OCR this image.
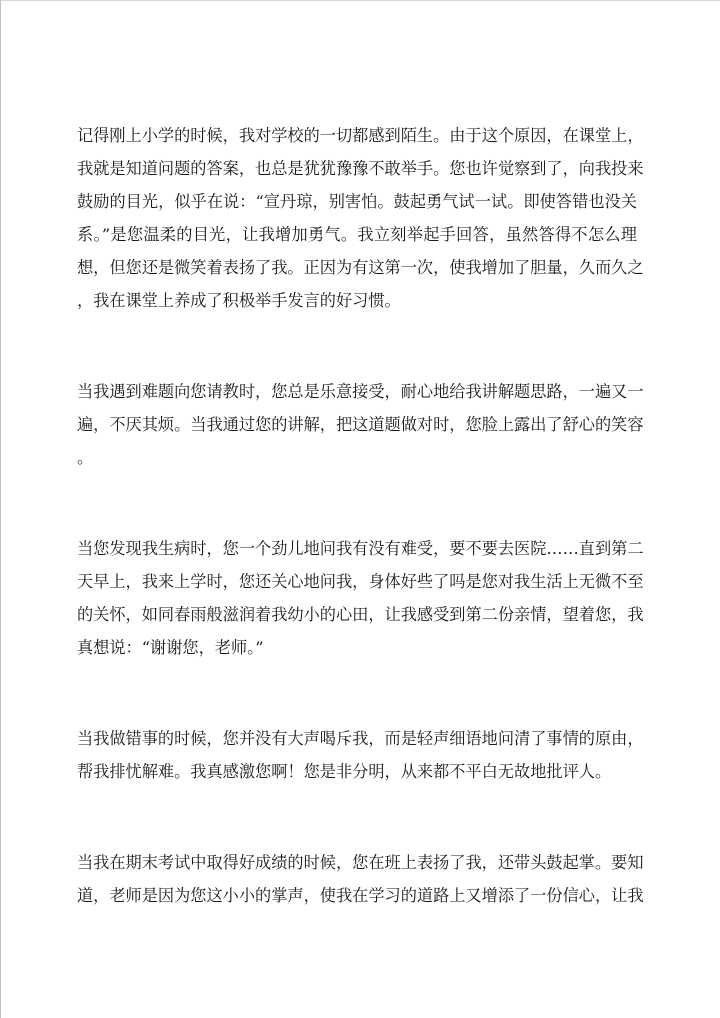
记得刚上小学的时候，我对学校的一切都感到陌生。由于这个原因，在课堂上，
我就是知道问题的答案，也总是犹犹豫豫不敢举手。您也许觉察到了，向我投来
鼓励的目光，似乎在说：“宣丹琼，别害怕。鼓起勇气试一试。即使答错也没关
系。”是您温柔的目光，让我增加勇气。我立刻举起手回答，虽然答得不怎么理
想，但您还是微笑着表扬了我。正因为有这第一次，使我增加了胆量，久而久之
，我在课堂上养成了积极举手发言的好习惯。
当我遇到难题向您请教时，您总是乐意接受，耐心地给我讲解题思路，一遍又一
遍，不厌其烦。当我通过您的讲解，把这道题做对时，您脸上露出了舒心的笑容
。
当您发现我生病时，您一个劲儿地问我有没有难受，要不要去医院……直到第二
天早上，我来上学时，您还关心地问我，身体好些了吗是您对我生活上无微不至
的关怀，如同春雨般滋润着我幼小的心田，让我感受到第二份亲情，望着您，我
真想说：“谢谢您，老师。”
当我做错事的时候，您并没有大声喝斥我，而是轻声细语地问清了事情的原由，
帮我排忧解难。我真感激您啊！您是非分明，从来都不平白无故地批评人。
当我在期末考试中取得好成绩的时候，您在班上表扬了我，还带头鼓起掌。要知
道，老师是因为您这小小的掌声，使我在学习的道路上又增添了一份信心，让我
